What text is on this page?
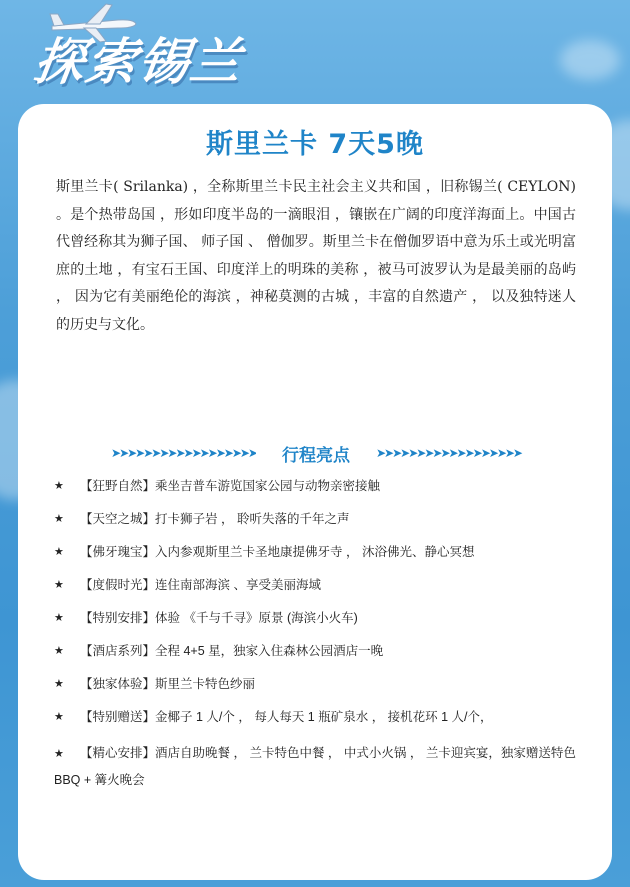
探索锡兰
斯里兰卡 7天5晚
斯里兰卡( Srilanka) ，全称斯里兰卡民主社会主义共和国 ，旧称锡兰( CEYLON) 。是个热带岛国 ，形如印度半岛的一滴眼泪 ，镶嵌在广阔的印度洋海面上。中国古代曾经称其为狮子国、 师子国 、 僧伽罗。斯里兰卡在僧伽罗语中意为乐土或光明富庶的土地 ，有宝石王国、印度洋上的明珠的美称 ，被马可波罗认为是最美丽的岛屿 ， 因为它有美丽绝伦的海滨 ，神秘莫测的古城 ，丰富的自然遗产 ， 以及独特迷人的历史与文化。
➤➤➤➤➤➤➤➤➤➤➤➤➤➤➤➤➤➤	行程亮点	➤➤➤➤➤➤➤➤➤➤➤➤➤➤➤➤➤➤
★	【狂野自然】乘坐吉普车游览国家公园与动物亲密接触
★	【天空之城】打卡狮子岩 ， 聆听失落的千年之声
★	【佛牙瑰宝】入内参观斯里兰卡圣地康提佛牙寺 ， 沐浴佛光、静心冥想
★	【度假时光】连住南部海滨 、享受美丽海域
★	【特别安排】体验 《千与千寻》原景 (海滨小火车)
★	【酒店系列】全程 4+5 星，独家入住森林公园酒店一晚
★	【独家体验】斯里兰卡特色纱丽
★	【特别赠送】金椰子 1 人/个 ， 每人每天 1 瓶矿泉水 ， 接机花环 1 人/个，
★ 【精心安排】酒店自助晚餐 ， 兰卡特色中餐 ， 中式小火锅 ， 兰卡迎宾宴，独家赠送特色 BBQ + 篝火晚会
